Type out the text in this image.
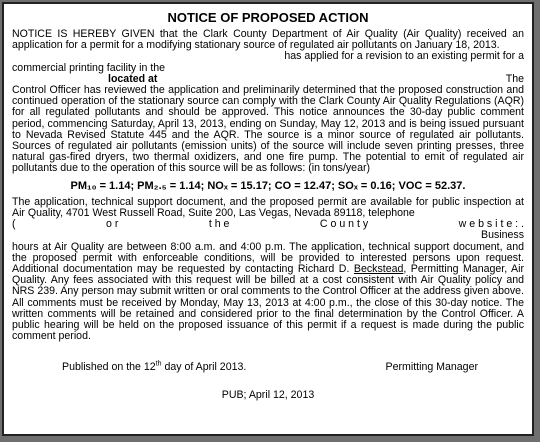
NOTICE OF PROPOSED ACTION

NOTICE IS HEREBY GIVEN that the Clark County Department of Air Quality (Air Quality) received an application for a permit for a modifying stationary source of regulated air pollutants on January 18, 2013.

has applied for a revision to an existing permit for a
commercial printing facility in the
located at	The

Control Officer has reviewed the application and preliminarily determined that the proposed construction and continued operation of the stationary source can comply with the Clark County Air Quality Regulations (AQR) for all regulated pollutants and should be approved. This notice announces the 30-day public comment period, commencing Saturday, April 13, 2013, ending on Sunday, May 12, 2013 and is being issued pursuant to Nevada Revised Statute 445 and the AQR. The source is a minor source of regulated air pollutants. Sources of regulated air pollutants (emission units) of the source will include seven printing presses, three natural gas-fired dryers, two thermal oxidizers, and one fire pump. The potential to emit of regulated air pollutants due to the operation of this source will be as follows: (in tons/year)

PM₁₀ = 1.14; PM₂.₅ = 1.14; NOₓ = 15.17; CO = 12.47; SOₓ = 0.16; VOC = 52.37.

The application, technical support document, and the proposed permit are available for public inspection at Air Quality, 4701 West Russell Road, Suite 200, Las Vegas, Nevada 89118, telephone

(	o r	t h e	C o u n t y	w e b s i t e : .
Business

hours at Air Quality are between 8:00 a.m. and 4:00 p.m. The application, technical support document, and the proposed permit with enforceable conditions, will be provided to interested persons upon request. Additional documentation may be requested by contacting Richard D. Beckstead, Permitting Manager, Air Quality. Any fees associated with this request will be billed at a cost consistent with Air Quality policy and NRS 239. Any person may submit written or oral comments to the Control Officer at the address given above. All comments must be received by Monday, May 13, 2013 at 4:00 p.m., the close of this 30-day notice. The written comments will be retained and considered prior to the final determination by the Control Officer. A public hearing will be held on the proposed issuance of this permit if a request is made during the public comment period.

Published on the 12th day of April 2013.	Permitting Manager
PUB; April 12, 2013
